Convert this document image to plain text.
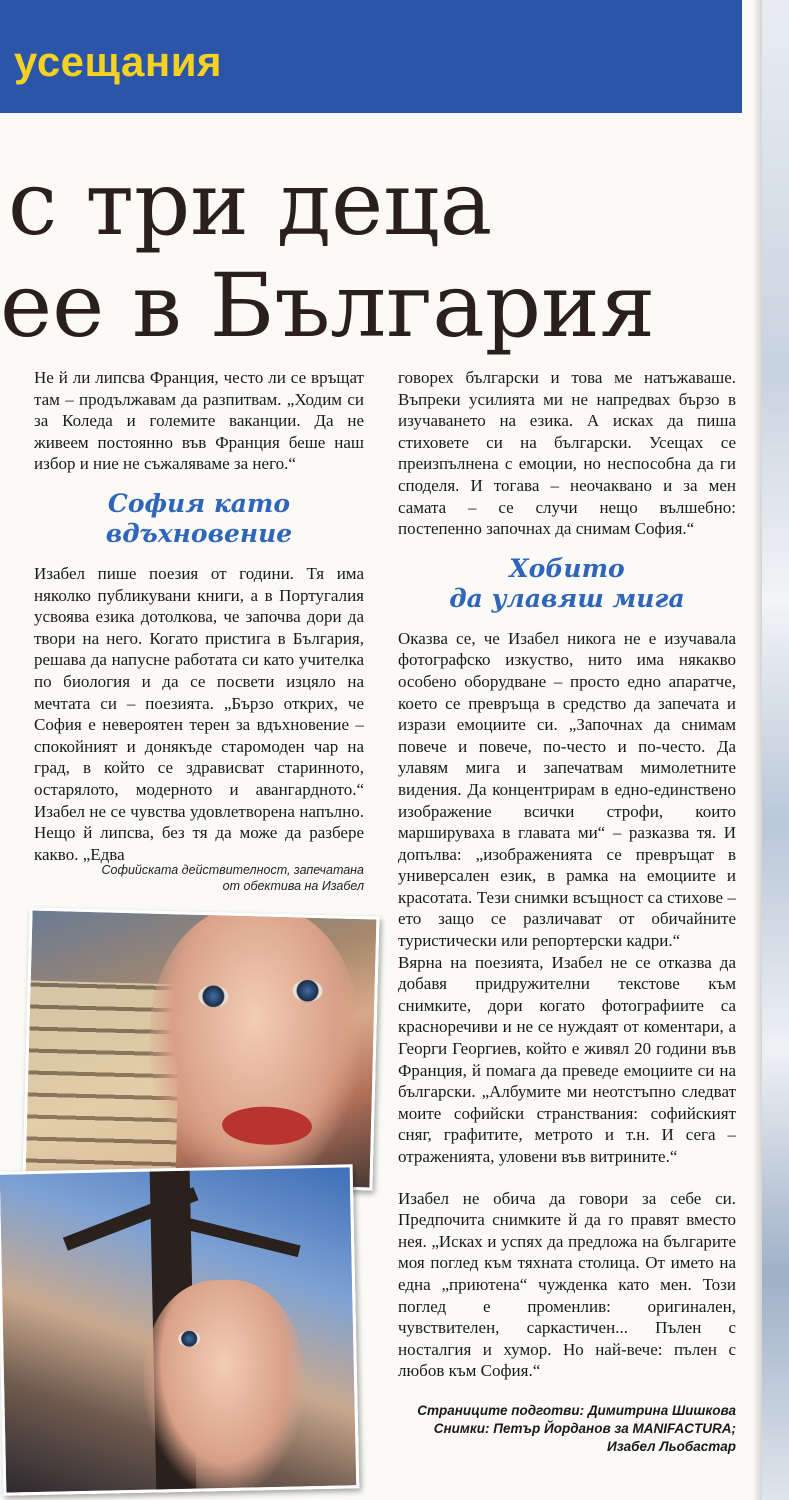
усещания
с три деца
ее в България

Не й ли липсва Франция, често ли се връщат там – продължавам да разпитвам. „Ходим си за Коледа и големите ваканции. Да не живеем постоянно във Франция беше наш избор и ние не съжаляваме за него.“

София като
вдъхновение

Изабел пише поезия от години. Тя има няколко публикувани книги, а в Португалия усвоява езика дотолкова, че започва дори да твори на него. Когато пристига в България, решава да напусне работата си като учителка по биология и да се посвети изцяло на мечтата си – поезията. „Бързо открих, че София е невероятен терен за вдъхновение – спокойният и донякъде старомоден чар на град, в който се здрависват старинното, остарялото, модерното и авангардното.“ Изабел не се чувства удовлетворена напълно. Нещо й липсва, без тя да може да разбере какво. „Едва

Софийската действителност, запечатана
от обектива на Изабел

говорех български и това ме натъжаваше. Въпреки усилията ми не напредвах бързо в изучаването на езика. А исках да пиша стиховете си на български. Усещах се преизпълнена с емоции, но неспособна да ги споделя. И тогава – неочаквано и за мен самата – се случи нещо вълшебно: постепенно започнах да снимам София.“

Хобито
да улавяш мига

Оказва се, че Изабел никога не е изучавала фотографско изкуство, нито има някакво особено оборудване – просто едно апаратче, което се превръща в средство да запечата и изрази емоциите си. „Започнах да снимам повече и повече, по-често и по-често. Да улавям мига и запечатвам мимолетните видения. Да концентрирам в едно-единствено изображение всички строфи, които маршируваха в главата ми“ – разказва тя. И допълва: „изображенията се превръщат в универсален език, в рамка на емоциите и красотата. Тези снимки всъщност са стихове – ето защо се различават от обичайните туристически или репортерски кадри.“

Вярна на поезията, Изабел не се отказва да добавя придружителни текстове към снимките, дори когато фотографиите са красноречиви и не се нуждаят от коментари, а Георги Георгиев, който е живял 20 години във Франция, й помага да преведе емоциите си на български. „Албумите ми неотстъпно следват моите софийски странствания: софийският сняг, графитите, метрото и т.н. И сега – отраженията, уловени във витрините.“

Изабел не обича да говори за себе си. Предпочита снимките й да го правят вместо нея. „Исках и успях да предложа на българите моя поглед към тяхната столица. От името на една „приютена“ чужденка като мен. Този поглед е променлив: оригинален, чувствителен, саркастичен... Пълен с носталгия и хумор. Но най-вече: пълен с любов към София.“

Страниците подготви: Димитрина Шишкова
Снимки: Петър Йорданов за MANIFACTURA;
Изабел Льобастар
